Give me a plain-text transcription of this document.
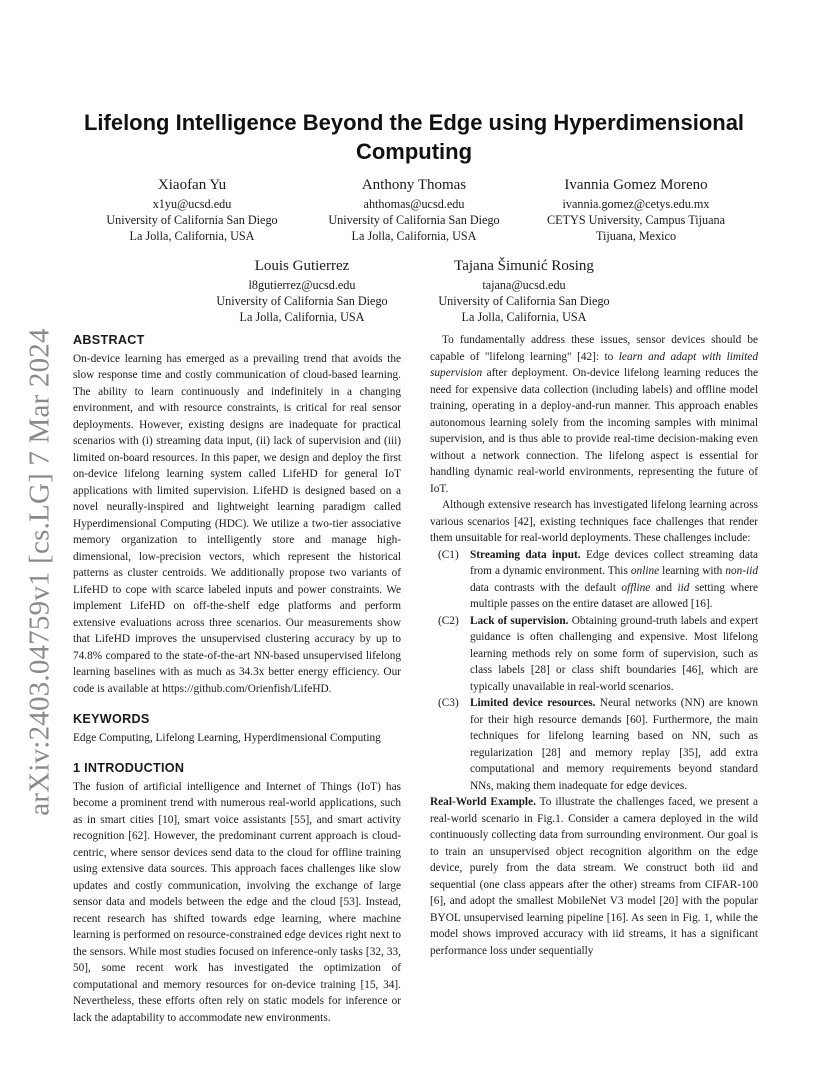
arXiv:2403.04759v1 [cs.LG] 7 Mar 2024
Lifelong Intelligence Beyond the Edge using Hyperdimensional Computing
Xiaofan Yu
x1yu@ucsd.edu
University of California San Diego
La Jolla, California, USA
Anthony Thomas
ahthomas@ucsd.edu
University of California San Diego
La Jolla, California, USA
Ivannia Gomez Moreno
ivannia.gomez@cetys.edu.mx
CETYS University, Campus Tijuana
Tijuana, Mexico
Louis Gutierrez
l8gutierrez@ucsd.edu
University of California San Diego
La Jolla, California, USA
Tajana Šimunić Rosing
tajana@ucsd.edu
University of California San Diego
La Jolla, California, USA
ABSTRACT

On-device learning has emerged as a prevailing trend that avoids the slow response time and costly communication of cloud-based learning. The ability to learn continuously and indefinitely in a changing environment, and with resource constraints, is critical for real sensor deployments. However, existing designs are inadequate for practical scenarios with (i) streaming data input, (ii) lack of supervision and (iii) limited on-board resources. In this paper, we design and deploy the first on-device lifelong learning system called LifeHD for general IoT applications with limited supervision. LifeHD is designed based on a novel neurally-inspired and lightweight learning paradigm called Hyperdimensional Computing (HDC). We utilize a two-tier associative memory organization to intelligently store and manage high-dimensional, low-precision vectors, which represent the historical patterns as cluster centroids. We additionally propose two variants of LifeHD to cope with scarce labeled inputs and power constraints. We implement LifeHD on off-the-shelf edge platforms and perform extensive evaluations across three scenarios. Our measurements show that LifeHD improves the unsupervised clustering accuracy by up to 74.8% compared to the state-of-the-art NN-based unsupervised lifelong learning baselines with as much as 34.3x better energy efficiency. Our code is available at https://github.com/Orienfish/LifeHD.

KEYWORDS

Edge Computing, Lifelong Learning, Hyperdimensional Computing

1 INTRODUCTION

The fusion of artificial intelligence and Internet of Things (IoT) has become a prominent trend with numerous real-world applications, such as in smart cities [10], smart voice assistants [55], and smart activity recognition [62]. However, the predominant current approach is cloud-centric, where sensor devices send data to the cloud for offline training using extensive data sources. This approach faces challenges like slow updates and costly communication, involving the exchange of large sensor data and models between the edge and the cloud [53]. Instead, recent research has shifted towards edge learning, where machine learning is performed on resource-constrained edge devices right next to the sensors. While most studies focused on inference-only tasks [32, 33, 50], some recent work has investigated the optimization of computational and memory resources for on-device training [15, 34]. Nevertheless, these efforts often rely on static models for inference or lack the adaptability to accommodate new environments.

To fundamentally address these issues, sensor devices should be capable of "lifelong learning" [42]: to learn and adapt with limited supervision after deployment. On-device lifelong learning reduces the need for expensive data collection (including labels) and offline model training, operating in a deploy-and-run manner. This approach enables autonomous learning solely from the incoming samples with minimal supervision, and is thus able to provide real-time decision-making even without a network connection. The lifelong aspect is essential for handling dynamic real-world environments, representing the future of IoT.

Although extensive research has investigated lifelong learning across various scenarios [42], existing techniques face challenges that render them unsuitable for real-world deployments. These challenges include:

(C1) Streaming data input. Edge devices collect streaming data from a dynamic environment. This online learning with non-iid data contrasts with the default offline and iid setting where multiple passes on the entire dataset are allowed [16].
(C2) Lack of supervision. Obtaining ground-truth labels and expert guidance is often challenging and expensive. Most lifelong learning methods rely on some form of supervision, such as class labels [28] or class shift boundaries [46], which are typically unavailable in real-world scenarios.
(C3) Limited device resources. Neural networks (NN) are known for their high resource demands [60]. Furthermore, the main techniques for lifelong learning based on NN, such as regularization [28] and memory replay [35], add extra computational and memory requirements beyond standard NNs, making them inadequate for edge devices.

Real-World Example. To illustrate the challenges faced, we present a real-world scenario in Fig.1. Consider a camera deployed in the wild continuously collecting data from surrounding environment. Our goal is to train an unsupervised object recognition algorithm on the edge device, purely from the data stream. We construct both iid and sequential (one class appears after the other) streams from CIFAR-100 [6], and adopt the smallest MobileNet V3 model [20] with the popular BYOL unsupervised learning pipeline [16]. As seen in Fig. 1, while the model shows improved accuracy with iid streams, it has a significant performance loss under sequentially
